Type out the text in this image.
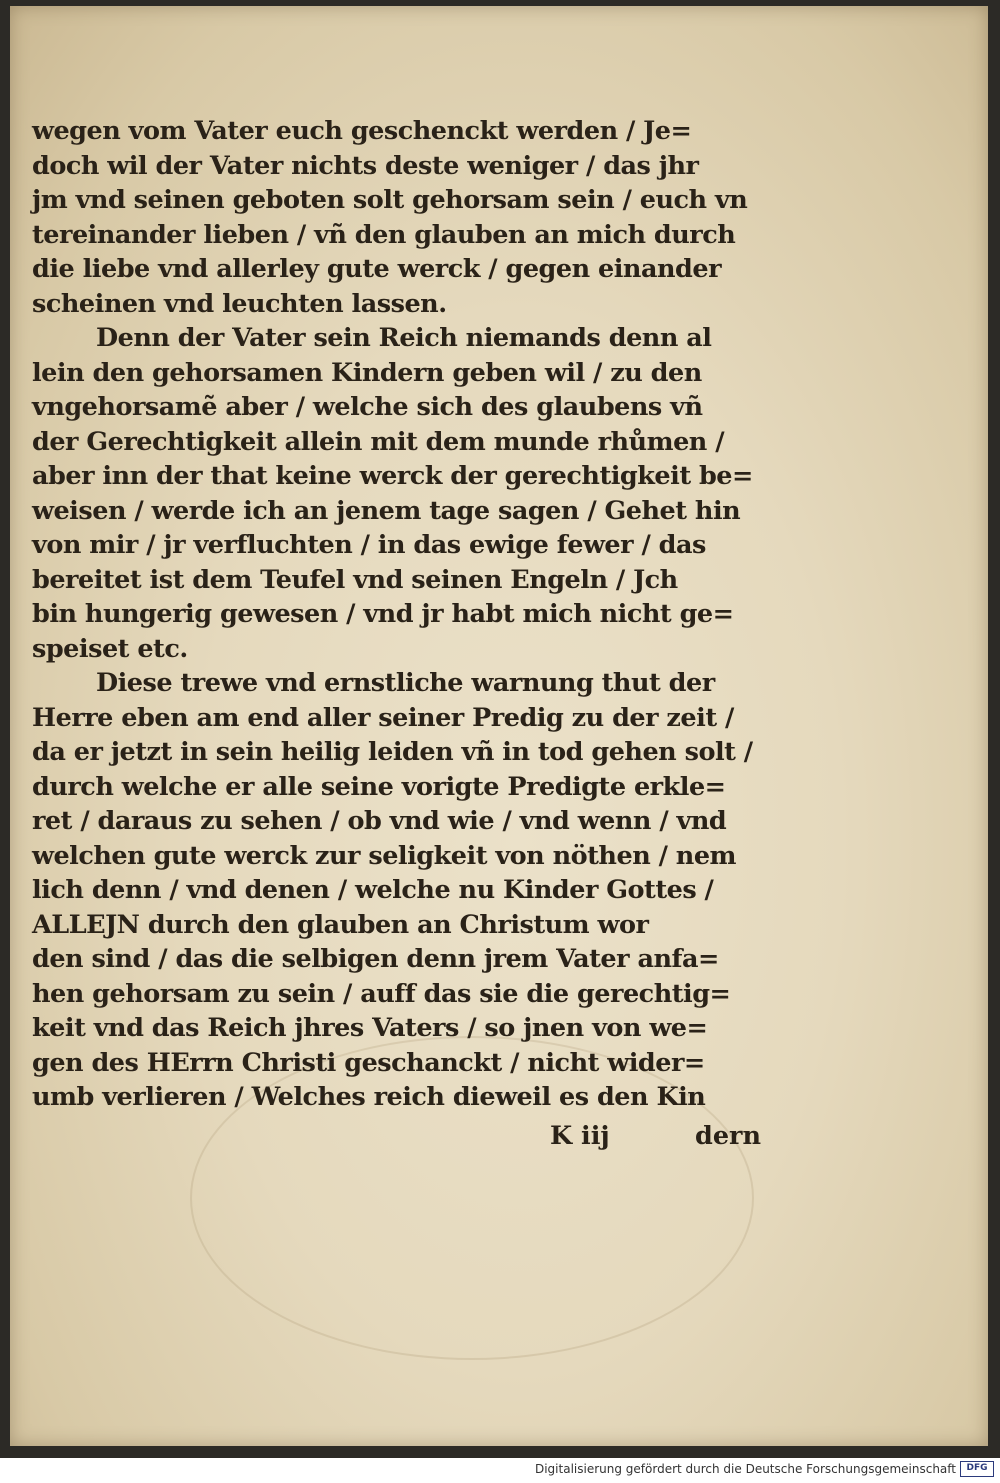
wegen vom Vater euch geschenckt werden / Je=
doch wil der Vater nichts deste weniger / das jhr
jm vnd seinen geboten solt gehorsam sein / euch vn
tereinander lieben / vñ den glauben an mich durch
die liebe vnd allerley gute werck / gegen einander
scheinen vnd leuchten lassen.
Denn der Vater sein Reich niemands denn al
lein den gehorsamen Kindern geben wil / zu den
vngehorsamẽ aber / welche sich des glaubens vñ
der Gerechtigkeit allein mit dem munde rhůmen /
aber inn der that keine werck der gerechtigkeit be=
weisen / werde ich an jenem tage sagen / Gehet hin
von mir / jr verfluchten / in das ewige fewer / das
bereitet ist dem Teufel vnd seinen Engeln / Jch
bin hungerig gewesen / vnd jr habt mich nicht ge=
speiset etc.
Diese trewe vnd ernstliche warnung thut der
Herre eben am end aller seiner Predig zu der zeit /
da er jetzt in sein heilig leiden vñ in tod gehen solt /
durch welche er alle seine vorigte Predigte erkle=
ret / daraus zu sehen / ob vnd wie / vnd wenn / vnd
welchen gute werck zur seligkeit von nöthen / nem
lich denn / vnd denen / welche nu Kinder Gottes /
ALLEJN durch den glauben an Christum wor
den sind / das die selbigen denn jrem Vater anfa=
hen gehorsam zu sein / auff das sie die gerechtig=
keit vnd das Reich jhres Vaters / so jnen von we=
gen des HErrn Christi geschanckt / nicht wider=
umb verlieren / Welches reich dieweil es den Kin
K iij	dern
Digitalisierung gefördert durch die Deutsche Forschungsgemeinschaft	DFG
